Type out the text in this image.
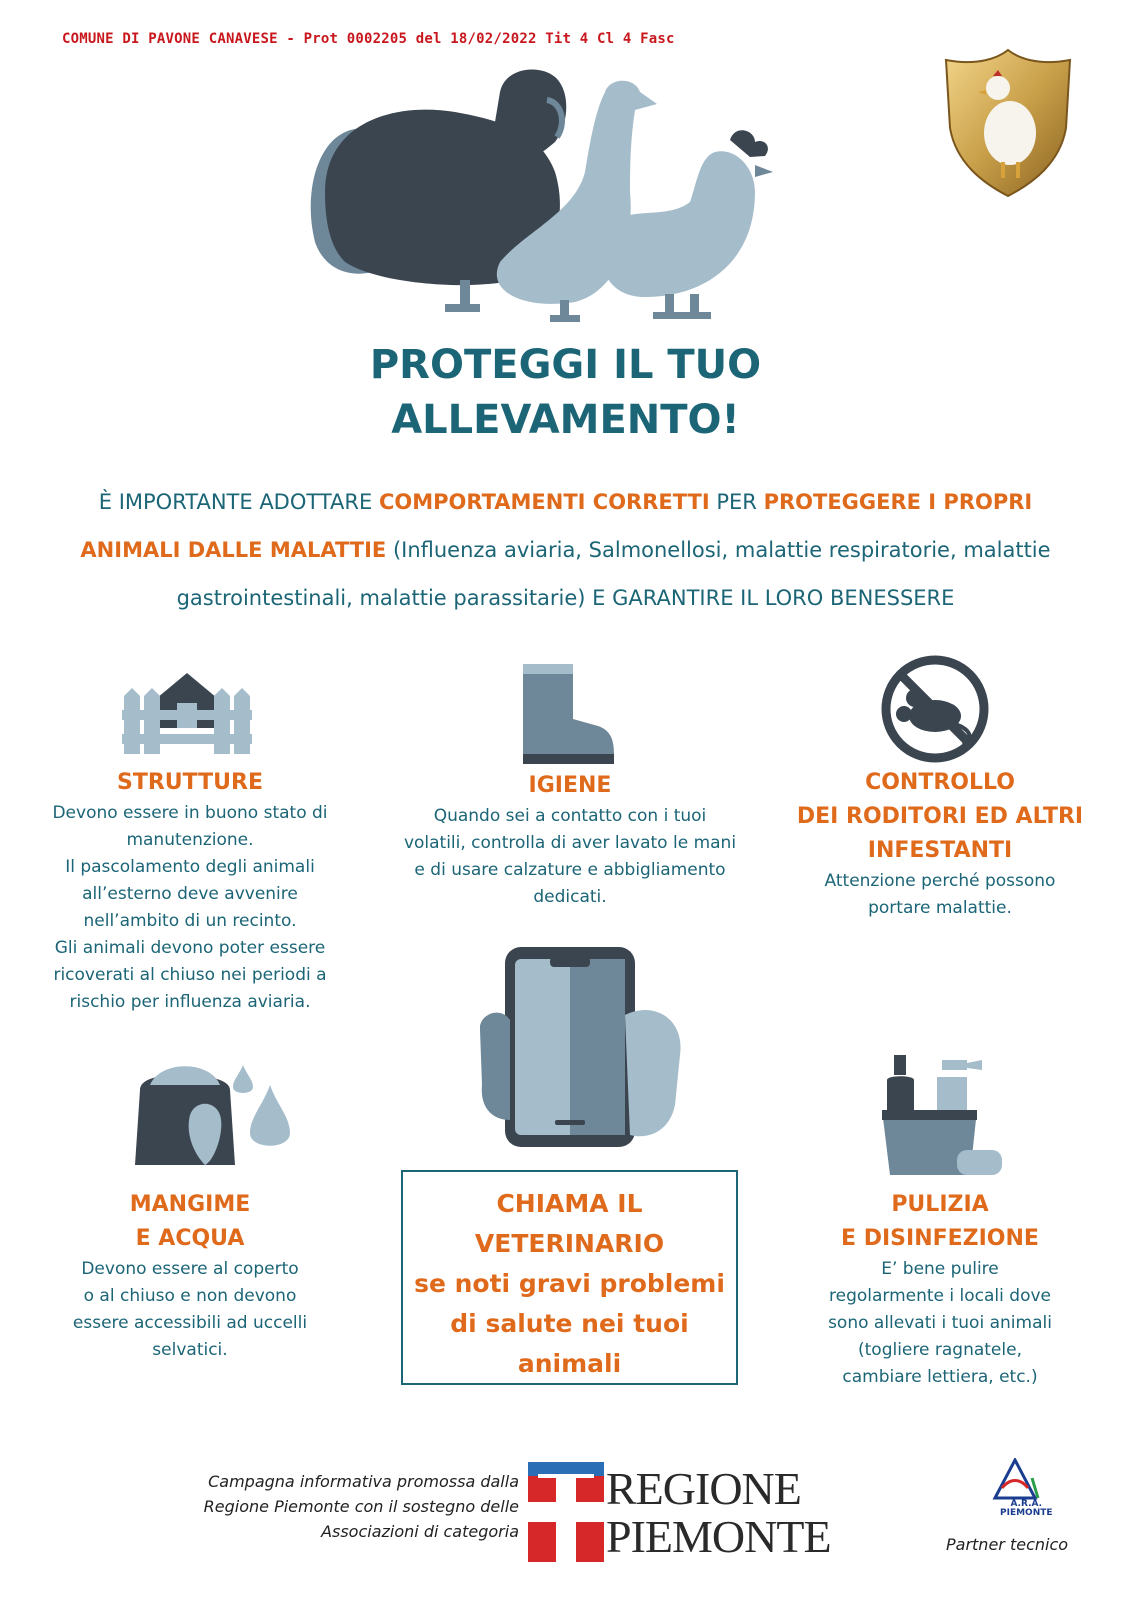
COMUNE DI PAVONE CANAVESE - Prot 0002205 del 18/02/2022 Tit 4 Cl 4 Fasc
PROTEGGI IL TUO
ALLEVAMENTO!
È IMPORTANTE ADOTTARE COMPORTAMENTI CORRETTI PER PROTEGGERE I PROPRI ANIMALI DALLE MALATTIE (Influenza aviaria, Salmonellosi, malattie respiratorie, malattie gastrointestinali, malattie parassitarie) E GARANTIRE IL LORO BENESSERE
STRUTTURE
Devono essere in buono stato di
manutenzione.
Il pascolamento degli animali
all’esterno deve avvenire
nell’ambito di un recinto.
Gli animali devono poter essere
ricoverati al chiuso nei periodi a
rischio per influenza aviaria.
IGIENE
Quando sei a contatto con i tuoi
volatili, controlla di aver lavato le mani
e di usare calzature e abbigliamento
dedicati.
CONTROLLO
DEI RODITORI ED ALTRI
INFESTANTI
Attenzione perché possono
portare malattie.
MANGIME
E ACQUA
Devono essere al coperto
o al chiuso e non devono
essere accessibili ad uccelli
selvatici.
CHIAMA IL
VETERINARIO
se noti gravi problemi
di salute nei tuoi
animali
PULIZIA
E DISINFEZIONE
E’ bene pulire
regolarmente i locali dove
sono allevati i tuoi animali
(togliere ragnatele,
cambiare lettiera, etc.)
Campagna informativa promossa dalla
Regione Piemonte con il sostegno delle
Associazioni di categoria
REGIONE
PIEMONTE
A.R.A.
PIEMONTE
Partner tecnico
